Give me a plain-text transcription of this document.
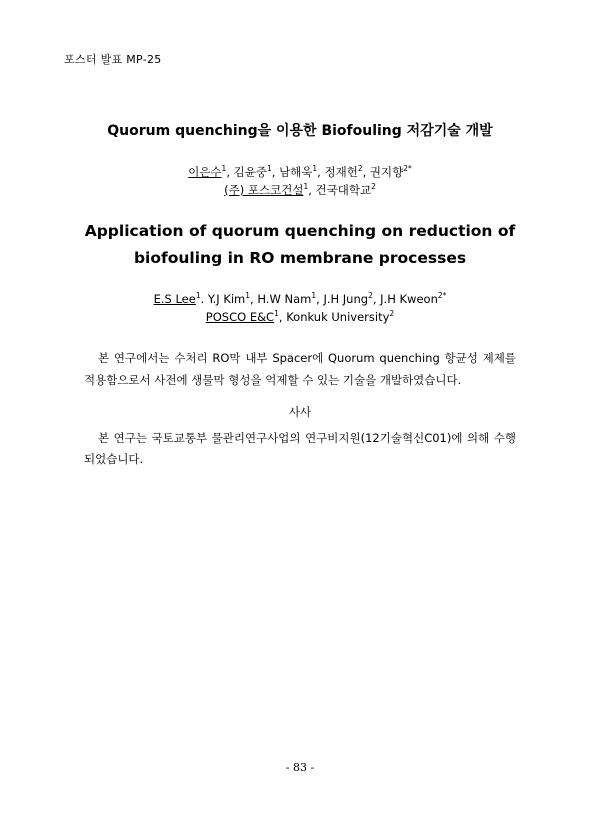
포스터 발표 MP-25
Quorum quenching을 이용한 Biofouling 저감기술 개발
이은수$^1$, 김윤중$^1$, 남해욱$^1$, 정재헌$^2$, 권지향$^{2*}$
(주) 포스코건설$^1$, 건국대학교$^2$
Application of quorum quenching on reduction of
biofouling in RO membrane processes
E.S Lee$^1$. Y.J Kim$^1$, H.W Nam$^1$, J.H Jung$^2$, J.H Kweon$^{2*}$
POSCO $E\&C^1$, Konkuk University$^2$
본 연구에서는 수처리 RO막 내부 Spacer에 Quorum quenching 항균성 제제를 적용함으로서 사전에 생물막 형성을 억제할 수 있는 기술을 개발하였습니다.
사사
본 연구는 국토교통부 물관리연구사업의 연구비지원(12기술혁신C01)에 의해 수행되었습니다.
- 83 -
